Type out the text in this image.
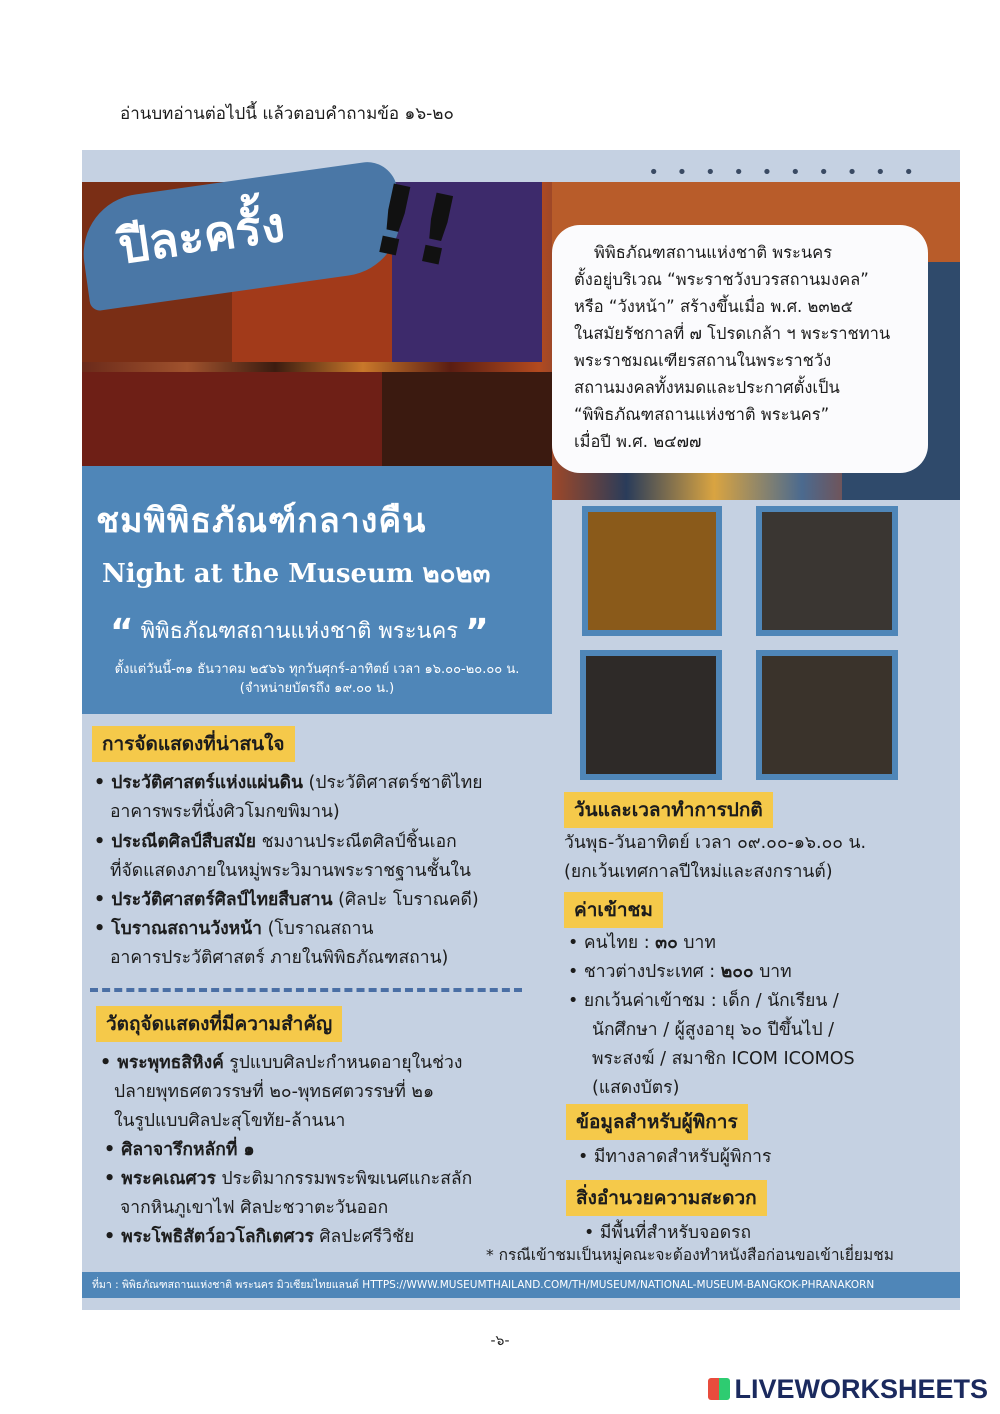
อ่านบทอ่านต่อไปนี้ แล้วตอบคำถามข้อ ๑๖-๒๐
• • • • • • • • • •
ปีละครั้ง !!	พิพิธภัณฑสถานแห่งชาติ พระนคร
ตั้งอยู่บริเวณ “พระราชวังบวรสถานมงคล”
หรือ “วังหน้า” สร้างขึ้นเมื่อ พ.ศ. ๒๓๒๕
ในสมัยรัชกาลที่ ๗ โปรดเกล้า ฯ พระราชทาน
พระราชมณเฑียรสถานในพระราชวัง
สถานมงคลทั้งหมดและประกาศตั้งเป็น
“พิพิธภัณฑสถานแห่งชาติ พระนคร”
เมื่อปี พ.ศ. ๒๔๗๗
ชมพิพิธภัณฑ์กลางคืน
Night at the Museum ๒๐๒๓
“ พิพิธภัณฑสถานแห่งชาติ พระนคร ”
ตั้งแต่วันนี้-๓๑ ธันวาคม ๒๕๖๖ ทุกวันศุกร์-อาทิตย์ เวลา ๑๖.๐๐-๒๐.๐๐ น.
(จำหน่ายบัตรถึง ๑๙.๐๐ น.)
การจัดแสดงที่น่าสนใจ
• ประวัติศาสตร์แห่งแผ่นดิน (ประวัติศาสตร์ชาติไทย
อาคารพระที่นั่งศิวโมกขพิมาน)
• ประณีตศิลป์สืบสมัย ชมงานประณีตศิลป์ชิ้นเอก
ที่จัดแสดงภายในหมู่พระวิมานพระราชฐานชั้นใน
• ประวัติศาสตร์ศิลป์ไทยสืบสาน (ศิลปะ โบราณคดี)
• โบราณสถานวังหน้า (โบราณสถาน
อาคารประวัติศาสตร์ ภายในพิพิธภัณฑสถาน)
วัตถุจัดแสดงที่มีความสำคัญ
• พระพุทธสิหิงค์ รูปแบบศิลปะกำหนดอายุในช่วง
ปลายพุทธศตวรรษที่ ๒๐-พุทธศตวรรษที่ ๒๑
ในรูปแบบศิลปะสุโขทัย-ล้านนา
• ศิลาจารึกหลักที่ ๑
• พระคเณศวร ประติมากรรมพระพิฆเนศแกะสลัก
จากหินภูเขาไฟ ศิลปะชวาตะวันออก
• พระโพธิสัตว์อวโลกิเตศวร ศิลปะศรีวิชัย
วันและเวลาทำการปกติ
วันพุธ-วันอาทิตย์ เวลา ๐๙.๐๐-๑๖.๐๐ น.
(ยกเว้นเทศกาลปีใหม่และสงกรานต์)
ค่าเข้าชม
• คนไทย : ๓๐ บาท
• ชาวต่างประเทศ : ๒๐๐ บาท
• ยกเว้นค่าเข้าชม : เด็ก / นักเรียน /
นักศึกษา / ผู้สูงอายุ ๖๐ ปีขึ้นไป /
พระสงฆ์ / สมาชิก ICOM ICOMOS
(แสดงบัตร)
ข้อมูลสำหรับผู้พิการ
• มีทางลาดสำหรับผู้พิการ
สิ่งอำนวยความสะดวก
• มีพื้นที่สำหรับจอดรถ
* กรณีเข้าชมเป็นหมู่คณะจะต้องทำหนังสือก่อนขอเข้าเยี่ยมชม
ที่มา : พิพิธภัณฑสถานแห่งชาติ พระนคร มิวเซียมไทยแลนด์ HTTPS://WWW.MUSEUMTHAILAND.COM/TH/MUSEUM/NATIONAL-MUSEUM-BANGKOK-PHRANAKORN
-๖-
LIVEWORKSHEETS
